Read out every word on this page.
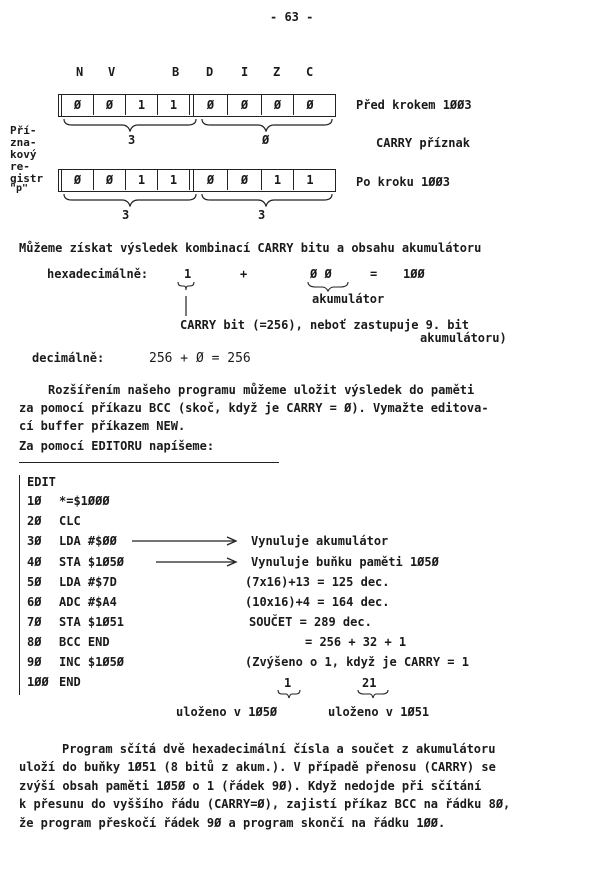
- 63 -
N V	B D I Z C
Ø	Ø	1	1	Ø	Ø	Ø	Ø	Před krokem 1ØØ3
3	Ø	CARRY příznak
Pří-
zna-
kový
re-
gistr
"p"
Ø	Ø	1	1	Ø	Ø	1	1	Po kroku 1ØØ3
3	3
Můžeme získat výsledek kombinací CARRY bitu a obsahu akumulátoru
hexadecimálně:	1	+	Ø Ø	= 1ØØ
akumulátor
CARRY bit (=256), neboť zastupuje 9. bit
akumulátoru)
decimálně:	256 + Ø = 256
Rozšířením našeho programu můžeme uložit výsledek do paměti
za pomocí příkazu BCC (skoč, když je CARRY = Ø). Vymažte editova-
cí buffer příkazem NEW.
Za pomocí EDITORU napíšeme:
EDIT
1Ø *=$1ØØØ
2Ø CLC
3Ø LDA #$ØØ	Vynuluje akumulátor
4Ø STA $1Ø5Ø	Vynuluje buňku paměti 1Ø5Ø
5Ø LDA #$7D	(7x16)+13 = 125 dec.
6Ø ADC #$A4	(10x16)+4 = 164 dec.
7Ø STA $1Ø51	SOUČET = 289 dec.
8Ø BCC END	= 256 + 32 + 1
9Ø INC $1Ø5Ø	(Zvýšeno o 1, když je CARRY = 1
1ØØ END	1	21
uloženo v 1Ø5Ø	uloženo v 1Ø51
Program sčítá dvě hexadecimální čísla a součet z akumulátoru
uloží do buňky 1Ø51 (8 bitů z akum.). V případě přenosu (CARRY) se
zvýší obsah paměti 1Ø5Ø o 1 (řádek 9Ø). Když nedojde při sčítání
k přesunu do vyššího řádu (CARRY=Ø), zajistí příkaz BCC na řádku 8Ø,
že program přeskočí řádek 9Ø a program skončí na řádku 1ØØ.
